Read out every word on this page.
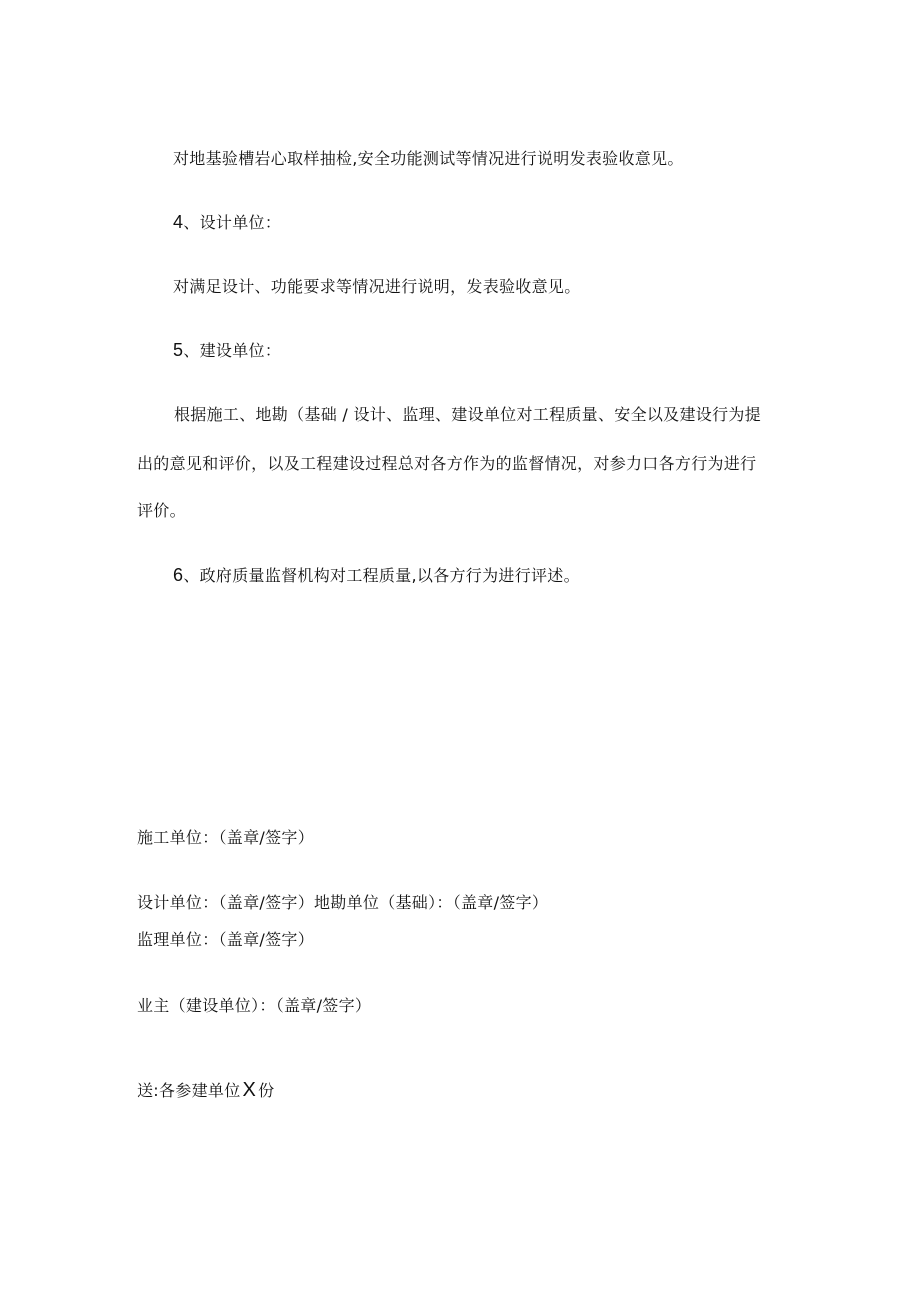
对地基验槽岩心取样抽检,安全功能测试等情况进行说明发表验收意见。
4、设计单位：
对满足设计、功能要求等情况进行说明，发表验收意见。
5、建设单位：
根据施工、地勘（基础 / 设计、监理、建设单位对工程质量、安全以及建设行为提
出的意见和评价，以及工程建设过程总对各方作为的监督情况，对参力口各方行为进行
评价。
6、政府质量监督机构对工程质量,以各方行为进行评述。
施工单位：（盖章/签字）
设计单位：（盖章/签字）地勘单位（基础）：（盖章/签字）
监理单位：（盖章/签字）
业主（建设单位）：（盖章/签字）
送:各参建单位 X 份
